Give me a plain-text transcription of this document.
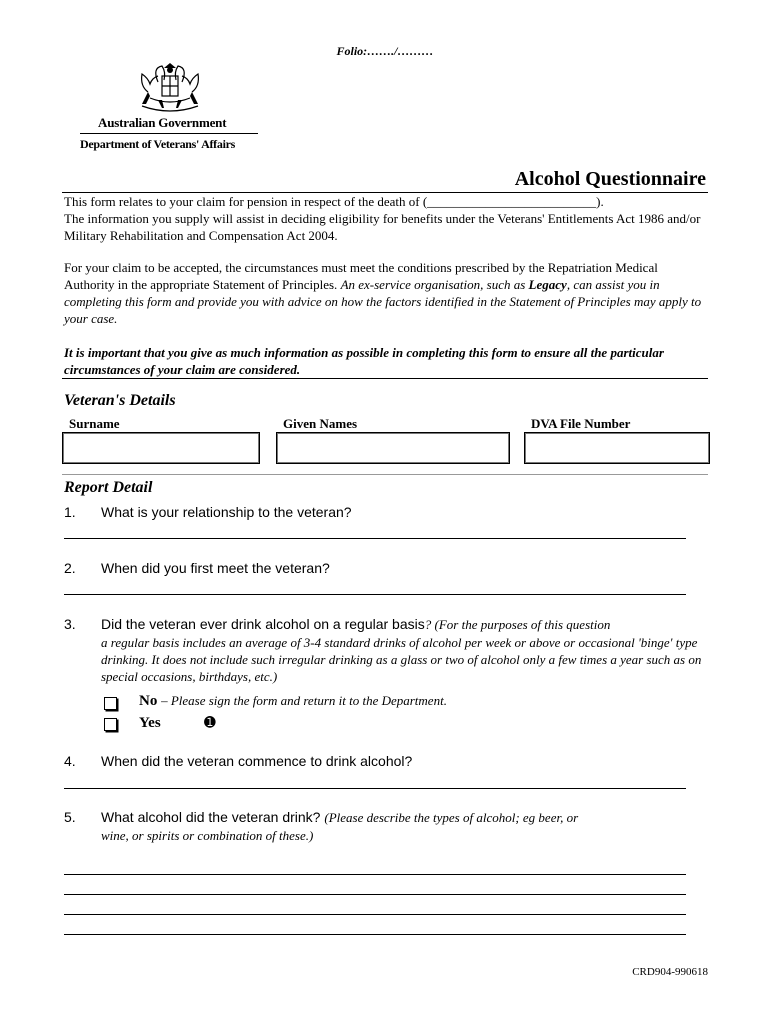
Folio:……./………
Australian Government
Department of Veterans' Affairs
Alcohol Questionnaire
This form relates to your claim for pension in respect of the death of (__________________________).
The information you supply will assist in deciding eligibility for benefits under the Veterans' Entitlements Act 1986 and/or Military Rehabilitation and Compensation Act 2004.
For your claim to be accepted, the circumstances must meet the conditions prescribed by the Repatriation Medical Authority in the appropriate Statement of Principles. An ex-service organisation, such as Legacy, can assist you in completing this form and provide you with advice on how the factors identified in the Statement of Principles may apply to your case.
It is important that you give as much information as possible in completing this form to ensure all the particular circumstances of your claim are considered.
Veteran's Details
Surname	Given Names	DVA File Number
Report Detail
1. What is your relationship to the veteran?
2. When did you first meet the veteran?
3. Did the veteran ever drink alcohol on a regular basis? (For the purposes of this question
a regular basis includes an average of 3-4 standard drinks of alcohol per week or above or occasional 'binge' type drinking. It does not include such irregular drinking as a glass or two of alcohol only a few times a year such as on special occasions, birthdays, etc.)
No – Please sign the form and return it to the Department.
Yes	➊
4. When did the veteran commence to drink alcohol?
5. What alcohol did the veteran drink? (Please describe the types of alcohol; eg beer, or
wine, or spirits or combination of these.)
CRD904-990618
